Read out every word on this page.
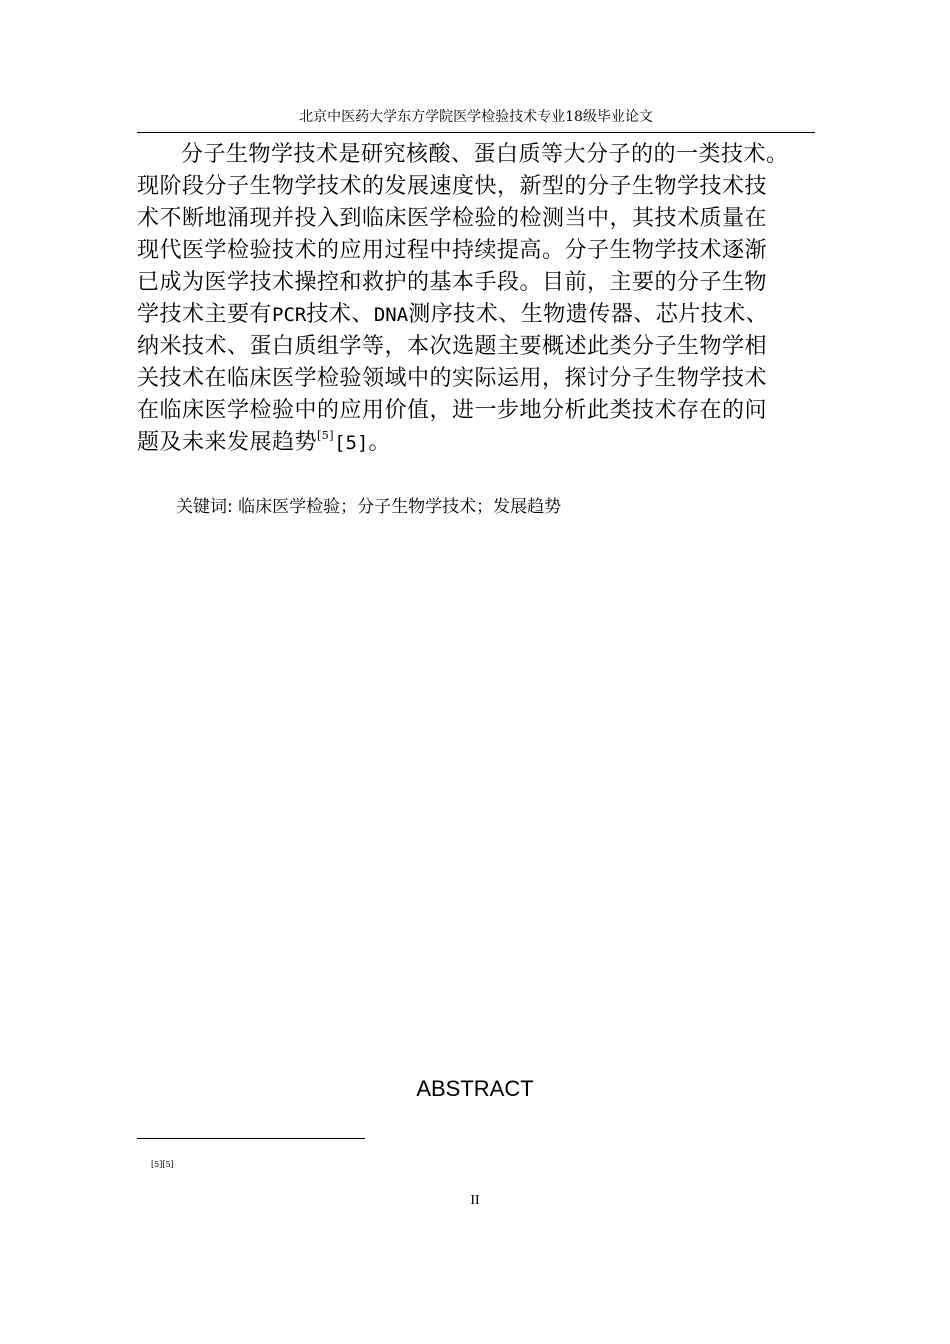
北京中医药大学东方学院医学检验技术专业18级毕业论文
分子生物学技术是研究核酸、蛋白质等大分子的的一类技术。
现阶段分子生物学技术的发展速度快，新型的分子生物学技术技
术不断地涌现并投入到临床医学检验的检测当中，其技术质量在
现代医学检验技术的应用过程中持续提高。分子生物学技术逐渐
已成为医学技术操控和救护的基本手段。目前，主要的分子生物
学技术主要有PCR技术、DNA测序技术、生物遗传器、芯片技术、
纳米技术、蛋白质组学等，本次选题主要概述此类分子生物学相
关技术在临床医学检验领域中的实际运用，探讨分子生物学技术
在临床医学检验中的应用价值，进一步地分析此类技术存在的问
题及未来发展趋势[5][5]。
关键词: 临床医学检验；分子生物学技术；发展趋势
ABSTRACT
[5][5]
II
